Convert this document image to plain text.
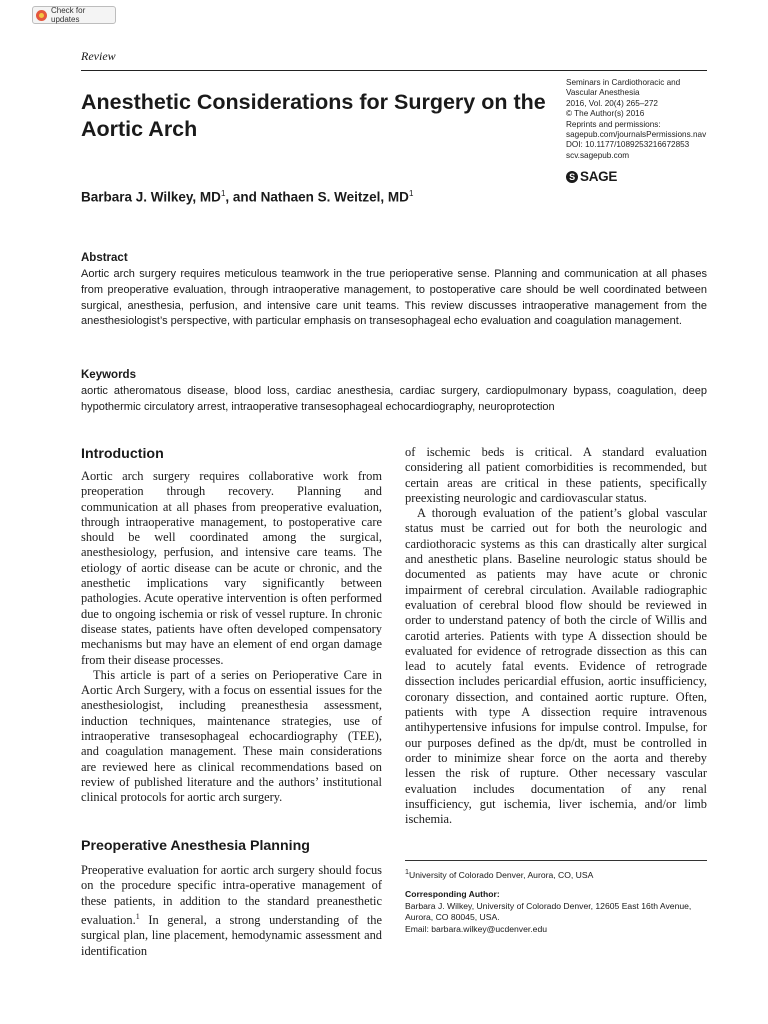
Check for updates
Review
Anesthetic Considerations for Surgery on the Aortic Arch
Seminars in Cardiothoracic and
Vascular Anesthesia
2016, Vol. 20(4) 265–272
© The Author(s) 2016
Reprints and permissions:
sagepub.com/journalsPermissions.nav
DOI: 10.1177/1089253216672853
scv.sagepub.com
S SAGE
Barbara J. Wilkey, $MD^1$, and Nathaen S. Weitzel, $MD^1$
Abstract
Aortic arch surgery requires meticulous teamwork in the true perioperative sense. Planning and communication at all phases from preoperative evaluation, through intraoperative management, to postoperative care should be well coordinated between surgical, anesthesia, perfusion, and intensive care unit teams. This review discusses intraoperative management from the anesthesiologist’s perspective, with particular emphasis on transesophageal echo evaluation and coagulation management.
Keywords
aortic atheromatous disease, blood loss, cardiac anesthesia, cardiac surgery, cardiopulmonary bypass, coagulation, deep hypothermic circulatory arrest, intraoperative transesophageal echocardiography, neuroprotection
Introduction

Aortic arch surgery requires collaborative work from preoperation through recovery. Planning and communication at all phases from preoperative evaluation, through intraoperative management, to postoperative care should be well coordinated among the surgical, anesthesiology, perfusion, and intensive care teams. The etiology of aortic disease can be acute or chronic, and the anesthetic implications vary significantly between pathologies. Acute operative intervention is often performed due to ongoing ischemia or risk of vessel rupture. In chronic disease states, patients have often developed compensatory mechanisms but may have an element of end organ damage from their disease processes.

This article is part of a series on Perioperative Care in Aortic Arch Surgery, with a focus on essential issues for the anesthesiologist, including preanesthesia assessment, induction techniques, maintenance strategies, use of intraoperative transesophageal echocardiography (TEE), and coagulation management. These main considerations are reviewed here as clinical recommendations based on review of published literature and the authors’ institutional clinical protocols for aortic arch surgery.

Preoperative Anesthesia Planning

Preoperative evaluation for aortic arch surgery should focus on the procedure specific intra-operative management of these patients, in addition to the standard preanesthetic evaluation.$^1$ In general, a strong understanding of the surgical plan, line placement, hemodynamic assessment and identification

of ischemic beds is critical. A standard evaluation considering all patient comorbidities is recommended, but certain areas are critical in these patients, specifically preexisting neurologic and cardiovascular status.

A thorough evaluation of the patient’s global vascular status must be carried out for both the neurologic and cardiothoracic systems as this can drastically alter surgical and anesthetic plans. Baseline neurologic status should be documented as patients may have acute or chronic impairment of cerebral circulation. Available radiographic evaluation of cerebral blood flow should be reviewed in order to understand patency of both the circle of Willis and carotid arteries. Patients with type A dissection should be evaluated for evidence of retrograde dissection as this can lead to acutely fatal events. Evidence of retrograde dissection includes pericardial effusion, aortic insufficiency, coronary dissection, and contained aortic rupture. Often, patients with type A dissection require intravenous antihypertensive infusions for impulse control. Impulse, for our purposes defined as the dp/dt, must be controlled in order to minimize shear force on the aorta and thereby lessen the risk of rupture. Other necessary vascular evaluation includes documentation of any renal insufficiency, gut ischemia, liver ischemia, and/or limb ischemia.

$^1$University of Colorado Denver, Aurora, CO, USA
Corresponding Author:
Barbara J. Wilkey, University of Colorado Denver, 12605 East 16th Avenue, Aurora, CO 80045, USA.
Email: barbara.wilkey@ucdenver.edu
